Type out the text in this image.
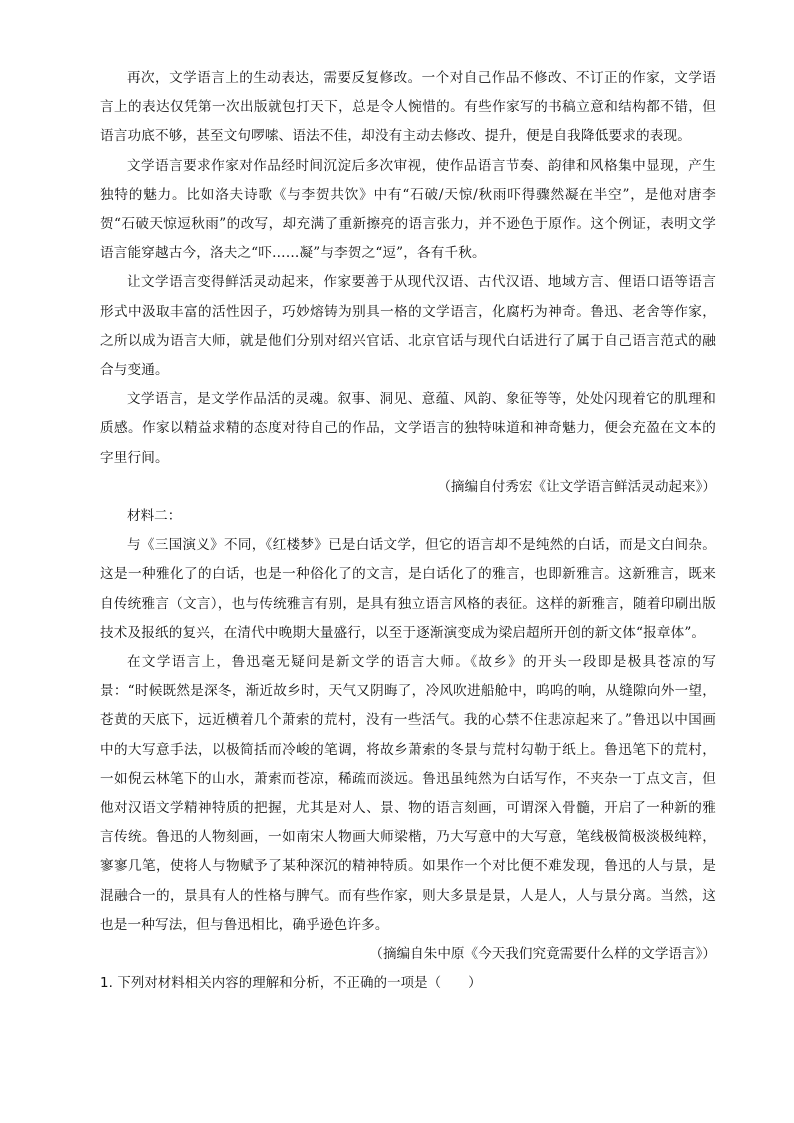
再次，文学语言上的生动表达，需要反复修改。一个对自己作品不修改、不订正的作家，文学语言上的表达仅凭第一次出版就包打天下，总是令人惋惜的。有些作家写的书稿立意和结构都不错，但语言功底不够，甚至文句啰嗦、语法不佳，却没有主动去修改、提升，便是自我降低要求的表现。

文学语言要求作家对作品经时间沉淀后多次审视，使作品语言节奏、韵律和风格集中显现，产生独特的魅力。比如洛夫诗歌《与李贺共饮》中有“石破/天惊/秋雨吓得骤然凝在半空”，是他对唐李贺“石破天惊逗秋雨”的改写，却充满了重新擦亮的语言张力，并不逊色于原作。这个例证，表明文学语言能穿越古今，洛夫之“吓……凝”与李贺之“逗”，各有千秋。

让文学语言变得鲜活灵动起来，作家要善于从现代汉语、古代汉语、地域方言、俚语口语等语言形式中汲取丰富的活性因子，巧妙熔铸为别具一格的文学语言，化腐朽为神奇。鲁迅、老舍等作家，之所以成为语言大师，就是他们分别对绍兴官话、北京官话与现代白话进行了属于自己语言范式的融合与变通。

文学语言，是文学作品活的灵魂。叙事、洞见、意蕴、风韵、象征等等，处处闪现着它的肌理和质感。作家以精益求精的态度对待自己的作品，文学语言的独特味道和神奇魅力，便会充盈在文本的字里行间。

（摘编自付秀宏《让文学语言鲜活灵动起来》）

材料二：

与《三国演义》不同，《红楼梦》已是白话文学，但它的语言却不是纯然的白话，而是文白间杂。这是一种雅化了的白话，也是一种俗化了的文言，是白话化了的雅言，也即新雅言。这新雅言，既来自传统雅言（文言），也与传统雅言有别，是具有独立语言风格的表征。这样的新雅言，随着印刷出版技术及报纸的复兴，在清代中晚期大量盛行，以至于逐渐演变成为梁启超所开创的新文体“报章体”。

在文学语言上，鲁迅毫无疑问是新文学的语言大师。《故乡》的开头一段即是极具苍凉的写景：“时候既然是深冬，渐近故乡时，天气又阴晦了，冷风吹进船舱中，呜呜的响，从缝隙向外一望，苍黄的天底下，远近横着几个萧索的荒村，没有一些活气。我的心禁不住悲凉起来了。”鲁迅以中国画中的大写意手法，以极简括而冷峻的笔调，将故乡萧索的冬景与荒村勾勒于纸上。鲁迅笔下的荒村，一如倪云林笔下的山水，萧索而苍凉，稀疏而淡远。鲁迅虽纯然为白话写作，不夹杂一丁点文言，但他对汉语文学精神特质的把握，尤其是对人、景、物的语言刻画，可谓深入骨髓，开启了一种新的雅言传统。鲁迅的人物刻画，一如南宋人物画大师梁楷，乃大写意中的大写意，笔线极简极淡极纯粹，寥寥几笔，使将人与物赋予了某种深沉的精神特质。如果作一个对比便不难发现，鲁迅的人与景，是混融合一的，景具有人的性格与脾气。而有些作家，则大多景是景，人是人，人与景分离。当然，这也是一种写法，但与鲁迅相比，确乎逊色许多。

（摘编自朱中原《今天我们究竟需要什么样的文学语言》）

1. 下列对材料相关内容的理解和分析，不正确的一项是（　　）
